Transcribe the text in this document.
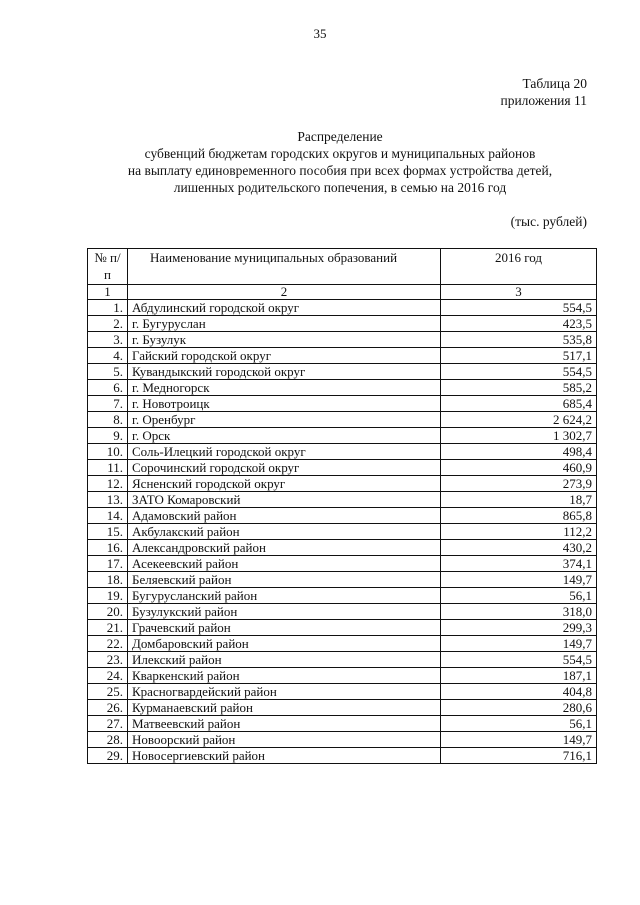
35
Таблица 20
приложения 11
Распределение
субвенций бюджетам городских округов и муниципальных районов
на выплату единовременного пособия при всех формах устройства детей,
лишенных родительского попечения, в семью на 2016 год
(тыс. рублей)
№ п/п	Наименование муниципальных образований	2016 год
1	2	3
1.	Абдулинский городской округ	554,5
2.	г. Бугуруслан	423,5
3.	г. Бузулук	535,8
4.	Гайский городской округ	517,1
5.	Кувандыкский городской округ	554,5
6.	г. Медногорск	585,2
7.	г. Новотроицк	685,4
8.	г. Оренбург	2 624,2
9.	г. Орск	1 302,7
10.	Соль-Илецкий городской округ	498,4
11.	Сорочинский городской округ	460,9
12.	Ясненский городской округ	273,9
13.	ЗАТО Комаровский	18,7
14.	Адамовский район	865,8
15.	Акбулакский район	112,2
16.	Александровский район	430,2
17.	Асекеевский район	374,1
18.	Беляевский район	149,7
19.	Бугурусланский район	56,1
20.	Бузулукский район	318,0
21.	Грачевский район	299,3
22.	Домбаровский район	149,7
23.	Илекский район	554,5
24.	Кваркенский район	187,1
25.	Красногвардейский район	404,8
26.	Курманаевский район	280,6
27.	Матвеевский район	56,1
28.	Новоорский район	149,7
29.	Новосергиевский район	716,1
